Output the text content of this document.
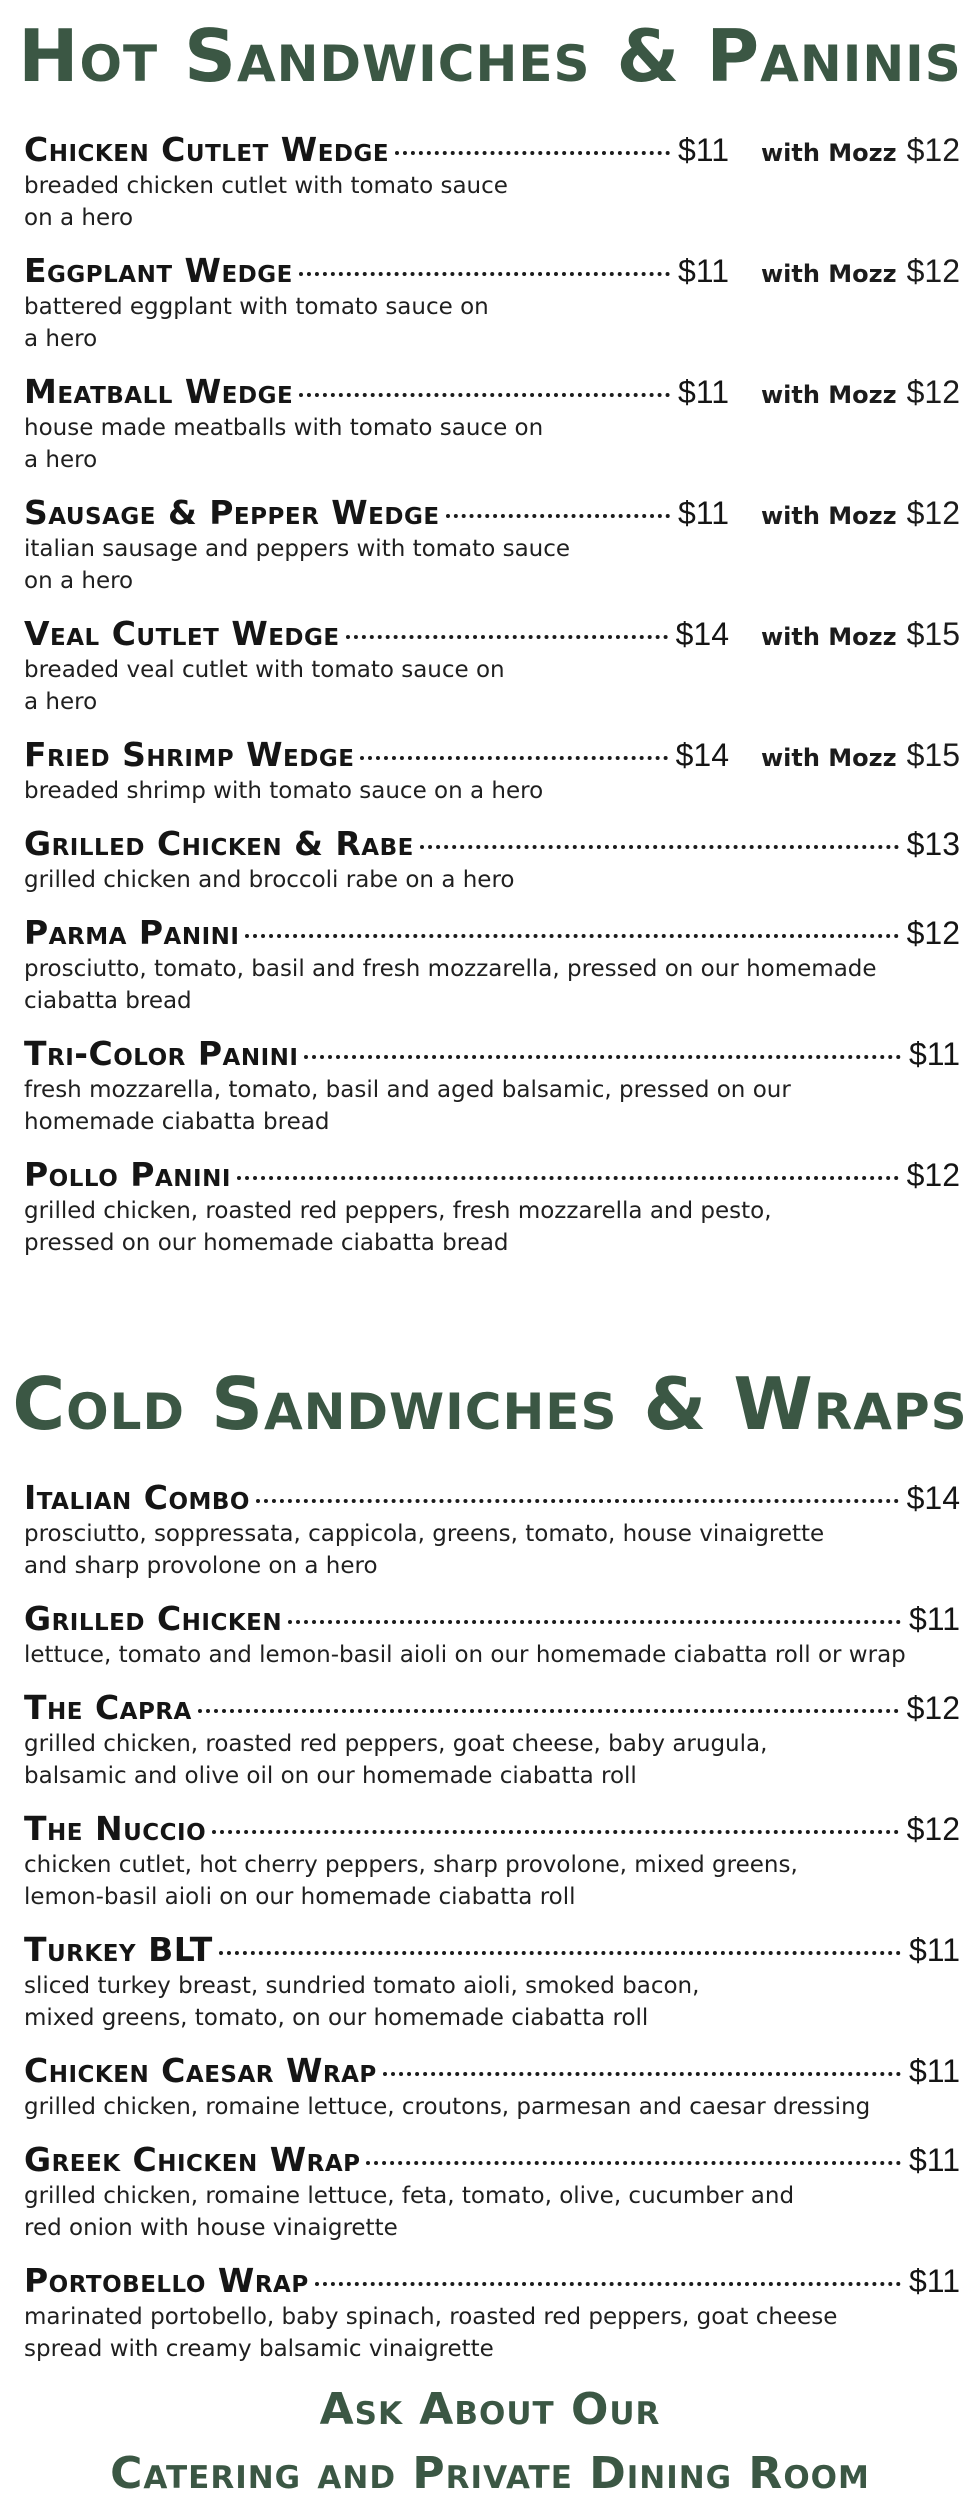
Hot Sandwiches & Paninis
Chicken Cutlet Wedge	$11 with Mozz $12
breaded chicken cutlet with tomato sauce
on a hero
Eggplant Wedge	$11 with Mozz $12
battered eggplant with tomato sauce on
a hero
Meatball Wedge	$11 with Mozz $12
house made meatballs with tomato sauce on
a hero
Sausage & Pepper Wedge	$11 with Mozz $12
italian sausage and peppers with tomato sauce
on a hero
Veal Cutlet Wedge	$14 with Mozz $15
breaded veal cutlet with tomato sauce on
a hero
Fried Shrimp Wedge	$14 with Mozz $15
breaded shrimp with tomato sauce on a hero
Grilled Chicken & Rabe	$13
grilled chicken and broccoli rabe on a hero
Parma Panini	$12
prosciutto, tomato, basil and fresh mozzarella, pressed on our homemade
ciabatta bread
Tri-Color Panini	$11
fresh mozzarella, tomato, basil and aged balsamic, pressed on our
homemade ciabatta bread
Pollo Panini	$12
grilled chicken, roasted red peppers, fresh mozzarella and pesto,
pressed on our homemade ciabatta bread
Cold Sandwiches & Wraps
Italian Combo	$14
prosciutto, soppressata, cappicola, greens, tomato, house vinaigrette
and sharp provolone on a hero
Grilled Chicken	$11
lettuce, tomato and lemon-basil aioli on our homemade ciabatta roll or wrap
The Capra	$12
grilled chicken, roasted red peppers, goat cheese, baby arugula,
balsamic and olive oil on our homemade ciabatta roll
The Nuccio	$12
chicken cutlet, hot cherry peppers, sharp provolone, mixed greens,
lemon-basil aioli on our homemade ciabatta roll
Turkey BLT	$11
sliced turkey breast, sundried tomato aioli, smoked bacon,
mixed greens, tomato, on our homemade ciabatta roll
Chicken Caesar Wrap	$11
grilled chicken, romaine lettuce, croutons, parmesan and caesar dressing
Greek Chicken Wrap	$11
grilled chicken, romaine lettuce, feta, tomato, olive, cucumber and
red onion with house vinaigrette
Portobello Wrap	$11
marinated portobello, baby spinach, roasted red peppers, goat cheese
spread with creamy balsamic vinaigrette
Ask About Our
Catering and Private Dining Room
